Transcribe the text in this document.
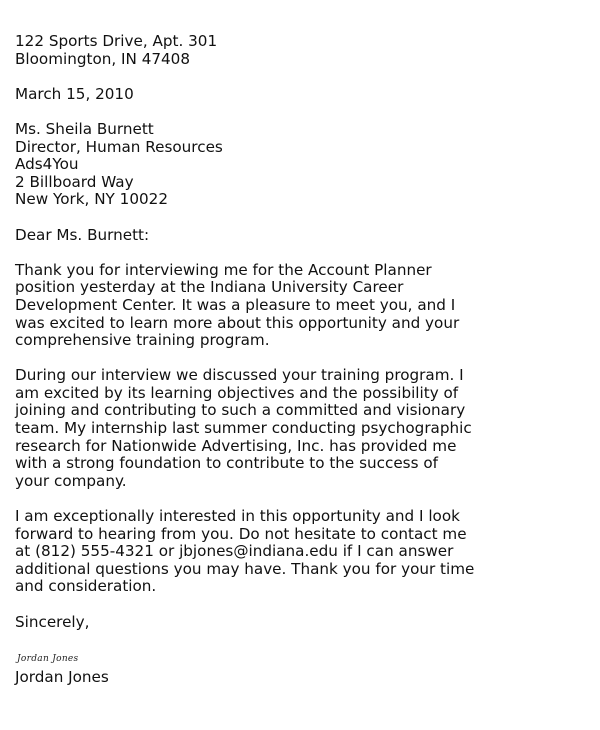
122 Sports Drive, Apt. 301
Bloomington, IN 47408
March 15, 2010
Ms. Sheila Burnett
Director, Human Resources
Ads4You
2 Billboard Way
New York, NY 10022
Dear Ms. Burnett:
Thank you for interviewing me for the Account Planner
position yesterday at the Indiana University Career
Development Center. It was a pleasure to meet you, and I
was excited to learn more about this opportunity and your
comprehensive training program.
During our interview we discussed your training program. I
am excited by its learning objectives and the possibility of
joining and contributing to such a committed and visionary
team. My internship last summer conducting psychographic
research for Nationwide Advertising, Inc. has provided me
with a strong foundation to contribute to the success of
your company.
I am exceptionally interested in this opportunity and I look
forward to hearing from you. Do not hesitate to contact me
at (812) 555-4321 or jbjones@indiana.edu if I can answer
additional questions you may have. Thank you for your time
and consideration.
Sincerely,
Jordan Jones
Jordan Jones
